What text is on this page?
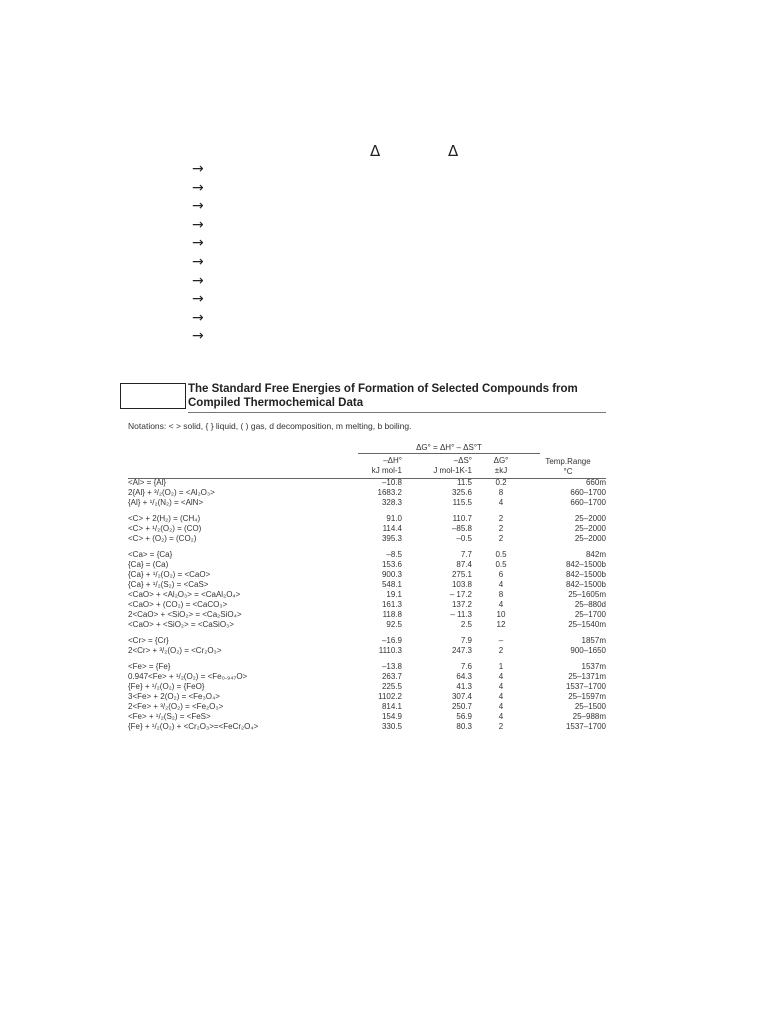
Δ	Δ
→
→
→
→
→
→
→
→
→
→
The Standard Free Energies of Formation of Selected Compounds from Compiled Thermochemical Data
Notations: < > solid, { } liquid, ( ) gas, d decomposition, m melting, b boiling.
ΔG° = ΔH° – ΔS°T
–ΔH°
kJ mol-1
–ΔS°
J mol-1K-1
ΔG°
±kJ
Temp.Range
°C
<Al> = {Al}	–10.8	11.5	0.2	660m
2{Al} + ³/₂(O₂) = <Al₂O₃>	1683.2	325.6	8	660–1700
{Al} + ¹/₂(N₂) = <AlN>	328.3	115.5	4	660–1700
<C> + 2(H₂) = (CH₄)	91.0	110.7	2	25–2000
<C> + ¹/₂(O₂) = (CO)	114.4	–85.8	2	25–2000
<C> + (O₂) = (CO₂)	395.3	–0.5	2	25–2000
<Ca> = {Ca}	–8.5	7.7	0.5	842m
{Ca} = (Ca)	153.6	87.4	0.5	842–1500b
{Ca} + ¹/₂(O₂) = <CaO>	900.3	275.1	6	842–1500b
{Ca} + ¹/₂(S₂) = <CaS>	548.1	103.8	4	842–1500b
<CaO> + <Al₂O₃> = <CaAl₂O₄>	19.1	– 17.2	8	25–1605m
<CaO> + (CO₂) = <CaCO₃>	161.3	137.2	4	25–880d
2<CaO> + <SiO₂> = <Ca₂SiO₄>	118.8	– 11.3	10	25–1700
<CaO> + <SiO₂> = <CaSiO₃>	92.5	2.5	12	25–1540m
<Cr> = {Cr}	–16.9	7.9	–	1857m
2<Cr> + ³/₂(O₂) = <Cr₂O₃>	1110.3	247.3	2	900–1650
<Fe> = {Fe}	–13.8	7.6	1	1537m
0.947<Fe> + ¹/₂(O₂) = <Fe₀.₉₄₇O>	263.7	64.3	4	25–1371m
{Fe} + ¹/₂(O₂) = {FeO}	225.5	41.3	4	1537–1700
3<Fe> + 2(O₂) = <Fe₃O₄>	1102.2	307.4	4	25–1597m
2<Fe> + ³/₂(O₂) = <Fe₂O₃>	814.1	250.7	4	25–1500
<Fe> + ¹/₂(S₂) = <FeS>	154.9	56.9	4	25–988m
{Fe} + ¹/₂(O₂) + <Cr₂O₃>=<FeCr₂O₄>	330.5	80.3	2	1537–1700
